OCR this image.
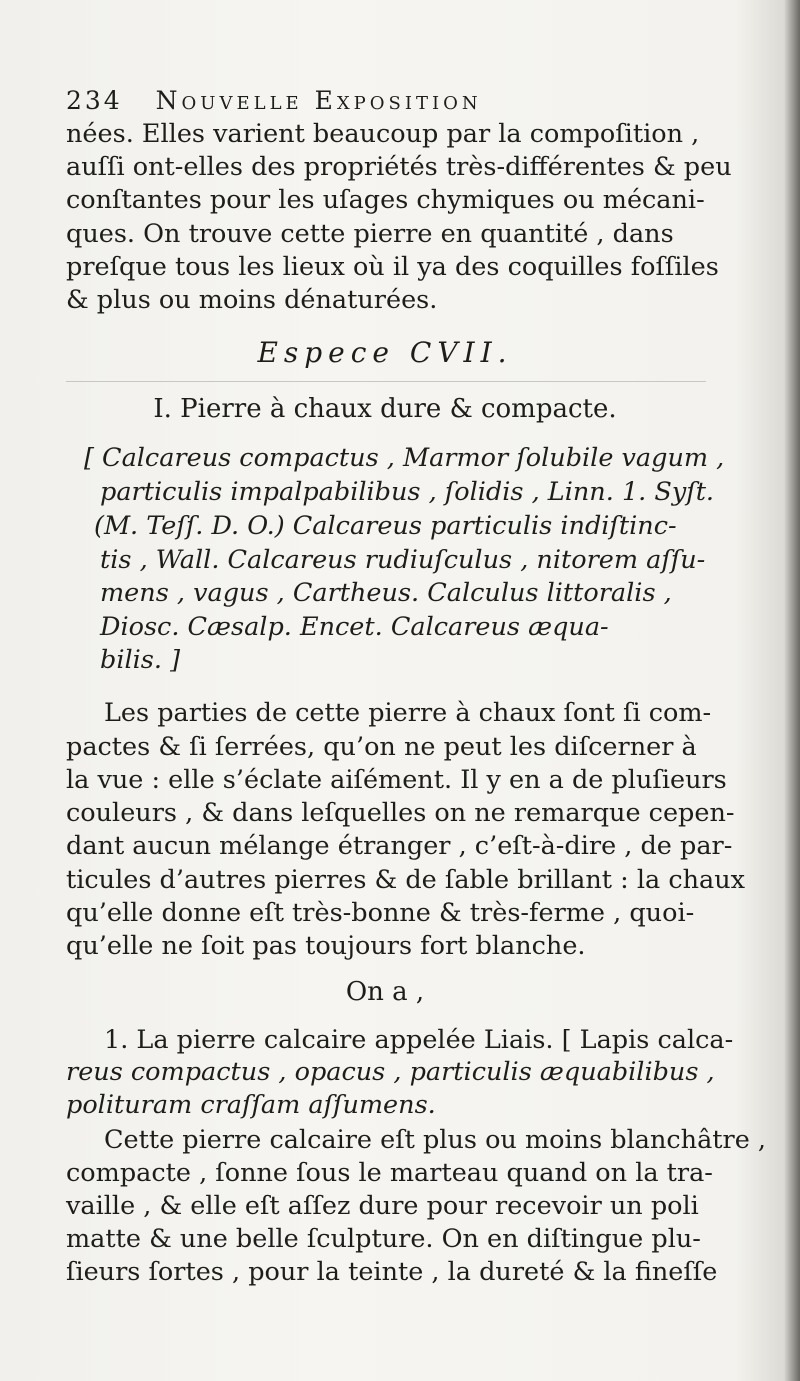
234 Nouvelle Exposition
nées. Elles varient beaucoup par la compoſition ,
auſſi ont-elles des propriétés très-différentes & peu
conſtantes pour les uſages chymiques ou mécani-
ques. On trouve cette pierre en quantité , dans
preſque tous les lieux où il ya des coquilles foſſiles
& plus ou moins dénaturées.
Espece CVII.
I. Pierre à chaux dure & compacte.
[ Calcareus compactus , Marmor ſolubile vagum ,
particulis impalpabilibus , ſolidis , Linn. 1. Syſt.
(M. Teſſ. D. O.) Calcareus particulis indiſtinc-
tis , Wall. Calcareus rudiuſculus , nitorem aſſu-
mens , vagus , Cartheus. Calculus littoralis ,
Diosc. Cæsalp. Encet. Calcareus æqua-
bilis. ]
Les parties de cette pierre à chaux ſont ſi com-
pactes & ſi ſerrées, qu’on ne peut les diſcerner à
la vue : elle s’éclate aiſément. Il y en a de pluſieurs
couleurs , & dans leſquelles on ne remarque cepen-
dant aucun mélange étranger , c’eſt-à-dire , de par-
ticules d’autres pierres & de ſable brillant : la chaux
qu’elle donne eſt très-bonne & très-ferme , quoi-
qu’elle ne ſoit pas toujours fort blanche.
On a ,
1. La pierre calcaire appelée Liais. [ Lapis calca-
reus compactus , opacus , particulis æquabilibus ,
polituram craſſam aſſumens.
Cette pierre calcaire eſt plus ou moins blanchâtre ,
compacte , ſonne ſous le marteau quand on la tra-
vaille , & elle eſt aſſez dure pour recevoir un poli
matte & une belle ſculpture. On en diſtingue plu-
ſieurs ſortes , pour la teinte , la dureté & la fineſſe
